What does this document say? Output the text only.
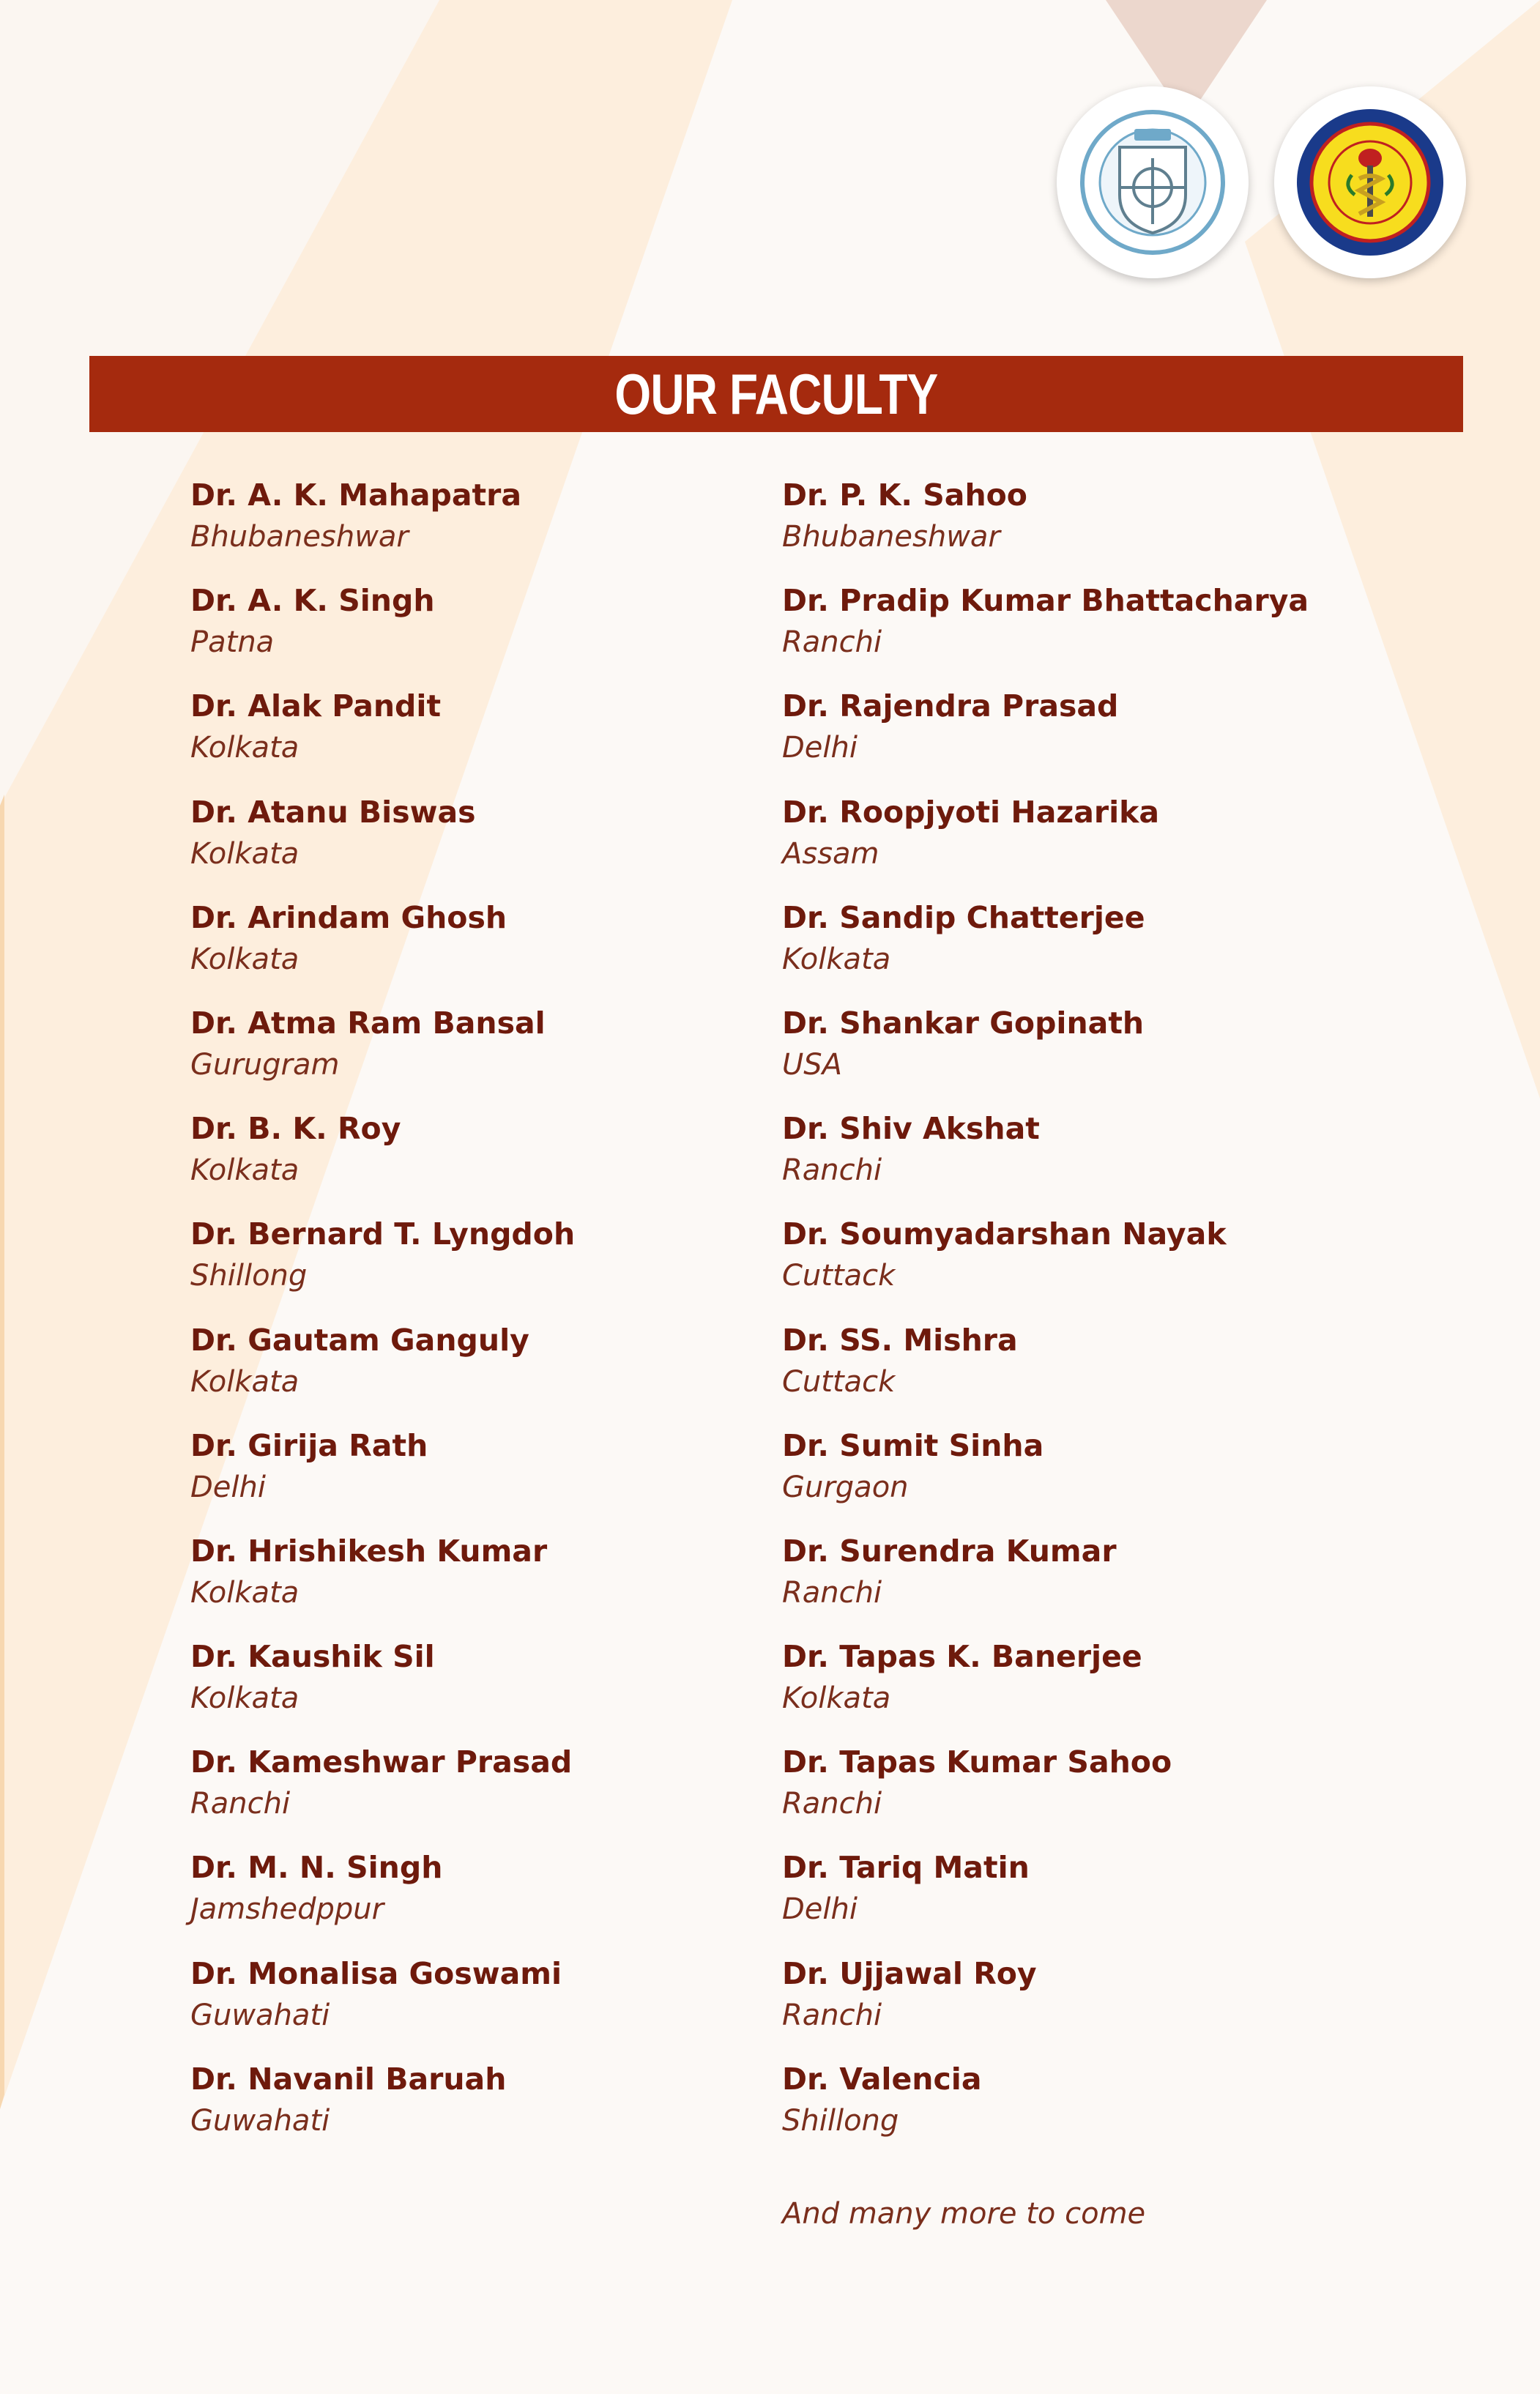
OUR FACULTY
Dr. A. K. Mahapatra
Bhubaneshwar
Dr. A. K. Singh
Patna
Dr. Alak Pandit
Kolkata
Dr. Atanu Biswas
Kolkata
Dr. Arindam Ghosh
Kolkata
Dr. Atma Ram Bansal
Gurugram
Dr. B. K. Roy
Kolkata
Dr. Bernard T. Lyngdoh
Shillong
Dr. Gautam Ganguly
Kolkata
Dr. Girija Rath
Delhi
Dr. Hrishikesh Kumar
Kolkata
Dr. Kaushik Sil
Kolkata
Dr. Kameshwar Prasad
Ranchi
Dr. M. N. Singh
Jamshedppur
Dr. Monalisa Goswami
Guwahati
Dr. Navanil Baruah
Guwahati
Dr. P. K. Sahoo
Bhubaneshwar
Dr. Pradip Kumar Bhattacharya
Ranchi
Dr. Rajendra Prasad
Delhi
Dr. Roopjyoti Hazarika
Assam
Dr. Sandip Chatterjee
Kolkata
Dr. Shankar Gopinath
USA
Dr. Shiv Akshat
Ranchi
Dr. Soumyadarshan Nayak
Cuttack
Dr. SS. Mishra
Cuttack
Dr. Sumit Sinha
Gurgaon
Dr. Surendra Kumar
Ranchi
Dr. Tapas K. Banerjee
Kolkata
Dr. Tapas Kumar Sahoo
Ranchi
Dr. Tariq Matin
Delhi
Dr. Ujjawal Roy
Ranchi
Dr. Valencia
Shillong
And many more to come
